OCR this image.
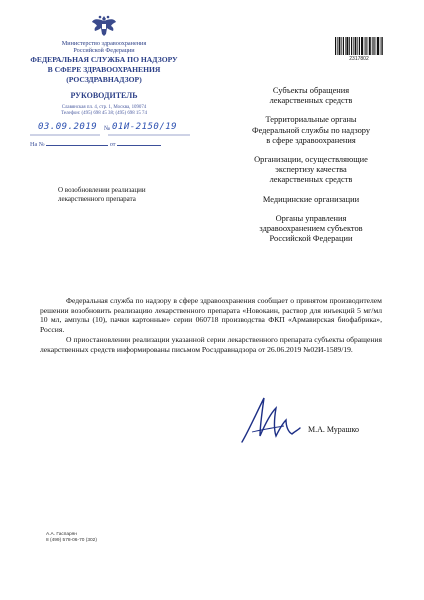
Министерство здравоохранения
Российской Федерации
ФЕДЕРАЛЬНАЯ СЛУЖБА ПО НАДЗОРУ
В СФЕРЕ ЗДРАВООХРАНЕНИЯ
(РОСЗДРАВНАДЗОР)
РУКОВОДИТЕЛЬ
Славянская пл. 4, стр. 1, Москва, 109074
Телефон: (495) 698 45 38; (495) 698 15 74
03.09.2019 № 01И-2150/19
На №	от
2317802
Субъекты обращения
лекарственных средств
Территориальные органы
Федеральной службы по надзору
в сфере здравоохранения
Организации, осуществляющие
экспертизу качества
лекарственных средств
Медицинские организации
Органы управления
здравоохранением субъектов
Российской Федерации
О возобновлении реализации
лекарственного препарата

Федеральная служба по надзору в сфере здравоохранения сообщает о принятом производителем решении возобновить реализацию лекарственного препарата «Новокаин, раствор для инъекций 5 мг/мл 10 мл, ампулы (10), пачки картонные» серии 060718 производства ФКП «Армавирская биофабрика», Россия.

О приостановлении реализации указанной серии лекарственного препарата субъекты обращения лекарственных средств информированы письмом Росздравнадзора от 26.06.2019 №02И-1589/19.

М.А. Мурашко
А.А. Гаспарян
8 (499) 578-06-70 (302)
